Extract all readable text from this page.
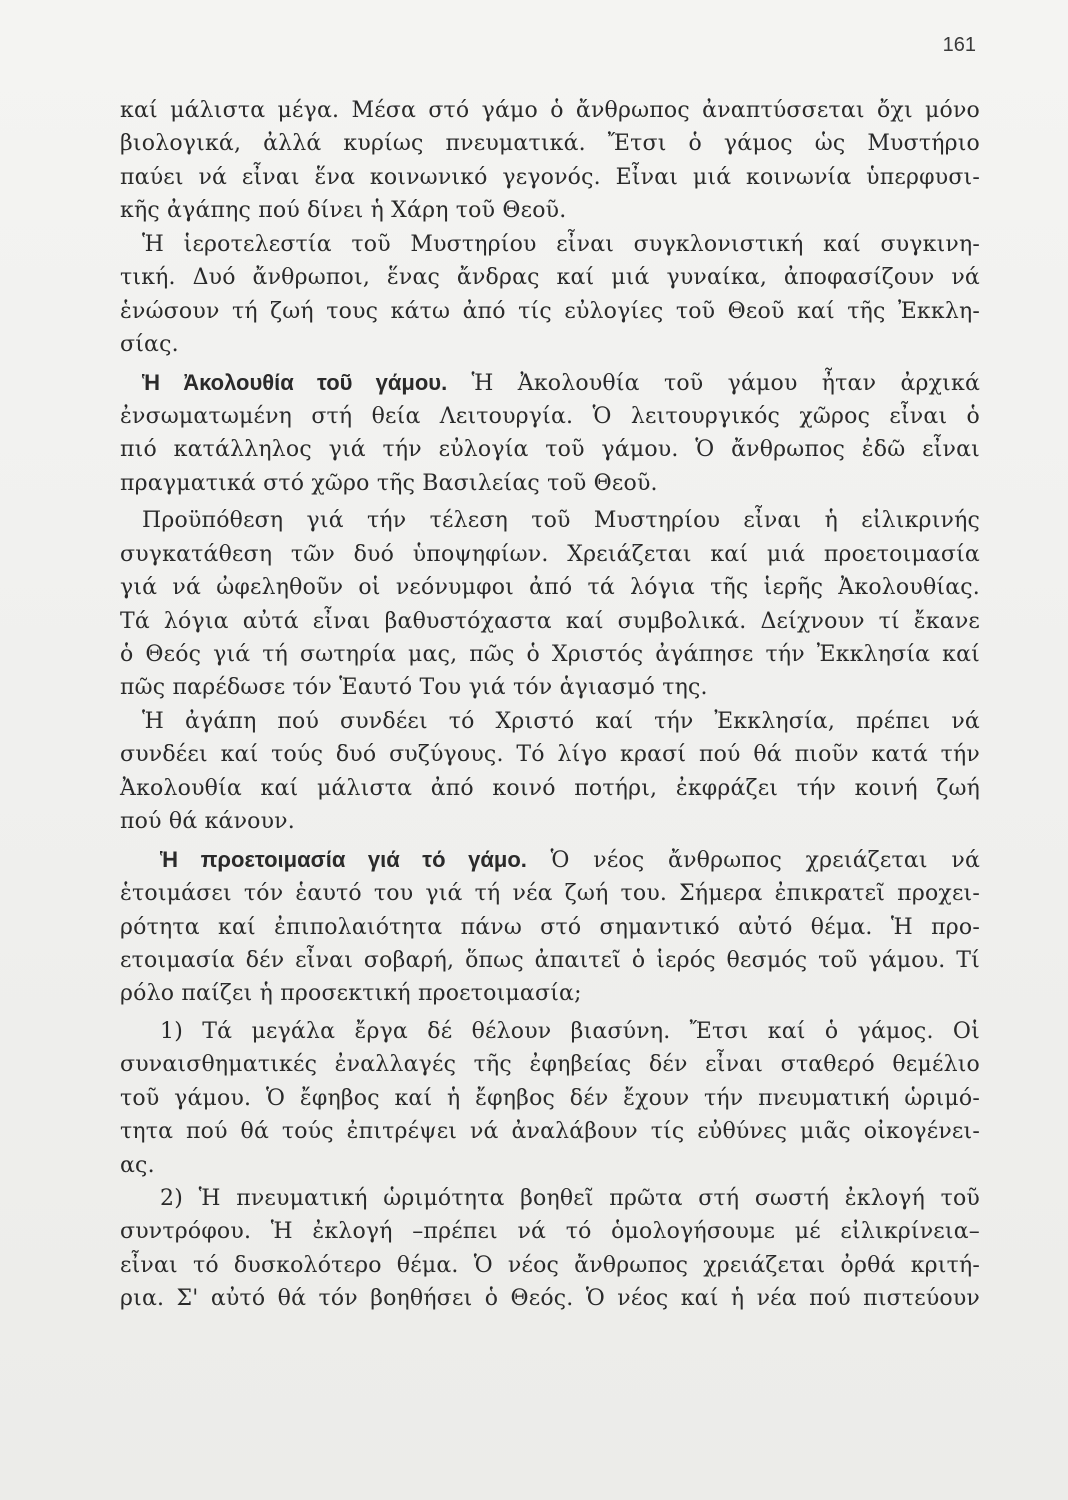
161

καί μάλιστα μέγα. Μέσα στό γάμο ὁ ἄνθρωπος ἀναπτύσσεται ὄχι μόνο
βιολογικά, ἀλλά κυρίως πνευματικά. Ἔτσι ὁ γάμος ὡς Μυστήριο
παύει νά εἶναι ἕνα κοινωνικό γεγονός. Εἶναι μιά κοινωνία ὑπερφυσι-
κῆς ἀγάπης πού δίνει ἡ Χάρη τοῦ Θεοῦ.

Ἡ ἱεροτελεστία τοῦ Μυστηρίου εἶναι συγκλονιστική καί συγκινη-
τική. Δυό ἄνθρωποι, ἕνας ἄνδρας καί μιά γυναίκα, ἀποφασίζουν νά
ἑνώσουν τή ζωή τους κάτω ἀπό τίς εὐλογίες τοῦ Θεοῦ καί τῆς Ἐκκλη-
σίας.

Ἡ Ἀκολουθία τοῦ γάμου. Ἡ Ἀκολουθία τοῦ γάμου ἦταν ἀρχικά
ἐνσωματωμένη στή θεία Λειτουργία. Ὁ λειτουργικός χῶρος εἶναι ὁ
πιό κατάλληλος γιά τήν εὐλογία τοῦ γάμου. Ὁ ἄνθρωπος ἐδῶ εἶναι
πραγματικά στό χῶρο τῆς Βασιλείας τοῦ Θεοῦ.

Προϋπόθεση γιά τήν τέλεση τοῦ Μυστηρίου εἶναι ἡ εἰλικρινής
συγκατάθεση τῶν δυό ὑποψηφίων. Χρειάζεται καί μιά προετοιμασία
γιά νά ὠφεληθοῦν οἱ νεόνυμφοι ἀπό τά λόγια τῆς ἱερῆς Ἀκολουθίας.
Τά λόγια αὐτά εἶναι βαθυστόχαστα καί συμβολικά. Δείχνουν τί ἔκανε
ὁ Θεός γιά τή σωτηρία μας, πῶς ὁ Χριστός ἀγάπησε τήν Ἐκκλησία καί
πῶς παρέδωσε τόν Ἑαυτό Του γιά τόν ἁγιασμό της.

Ἡ ἀγάπη πού συνδέει τό Χριστό καί τήν Ἐκκλησία, πρέπει νά
συνδέει καί τούς δυό συζύγους. Τό λίγο κρασί πού θά πιοῦν κατά τήν
Ἀκολουθία καί μάλιστα ἀπό κοινό ποτήρι, ἐκφράζει τήν κοινή ζωή
πού θά κάνουν.

Ἡ προετοιμασία γιά τό γάμο. Ὁ νέος ἄνθρωπος χρειάζεται νά
ἑτοιμάσει τόν ἑαυτό του γιά τή νέα ζωή του. Σήμερα ἐπικρατεῖ προχει-
ρότητα καί ἐπιπολαιότητα πάνω στό σημαντικό αὐτό θέμα. Ἡ προ-
ετοιμασία δέν εἶναι σοβαρή, ὅπως ἀπαιτεῖ ὁ ἱερός θεσμός τοῦ γάμου. Τί
ρόλο παίζει ἡ προσεκτική προετοιμασία;

1) Τά μεγάλα ἔργα δέ θέλουν βιασύνη. Ἔτσι καί ὁ γάμος. Οἱ
συναισθηματικές ἐναλλαγές τῆς ἐφηβείας δέν εἶναι σταθερό θεμέλιο
τοῦ γάμου. Ὁ ἔφηβος καί ἡ ἔφηβος δέν ἔχουν τήν πνευματική ὡριμό-
τητα πού θά τούς ἐπιτρέψει νά ἀναλάβουν τίς εὐθύνες μιᾶς οἰκογένει-
ας.

2) Ἡ πνευματική ὡριμότητα βοηθεῖ πρῶτα στή σωστή ἐκλογή τοῦ
συντρόφου. Ἡ ἐκλογή –πρέπει νά τό ὁμολογήσουμε μέ εἰλικρίνεια–
εἶναι τό δυσκολότερο θέμα. Ὁ νέος ἄνθρωπος χρειάζεται ὀρθά κριτή-
ρια. Σ' αὐτό θά τόν βοηθήσει ὁ Θεός. Ὁ νέος καί ἡ νέα πού πιστεύουν
